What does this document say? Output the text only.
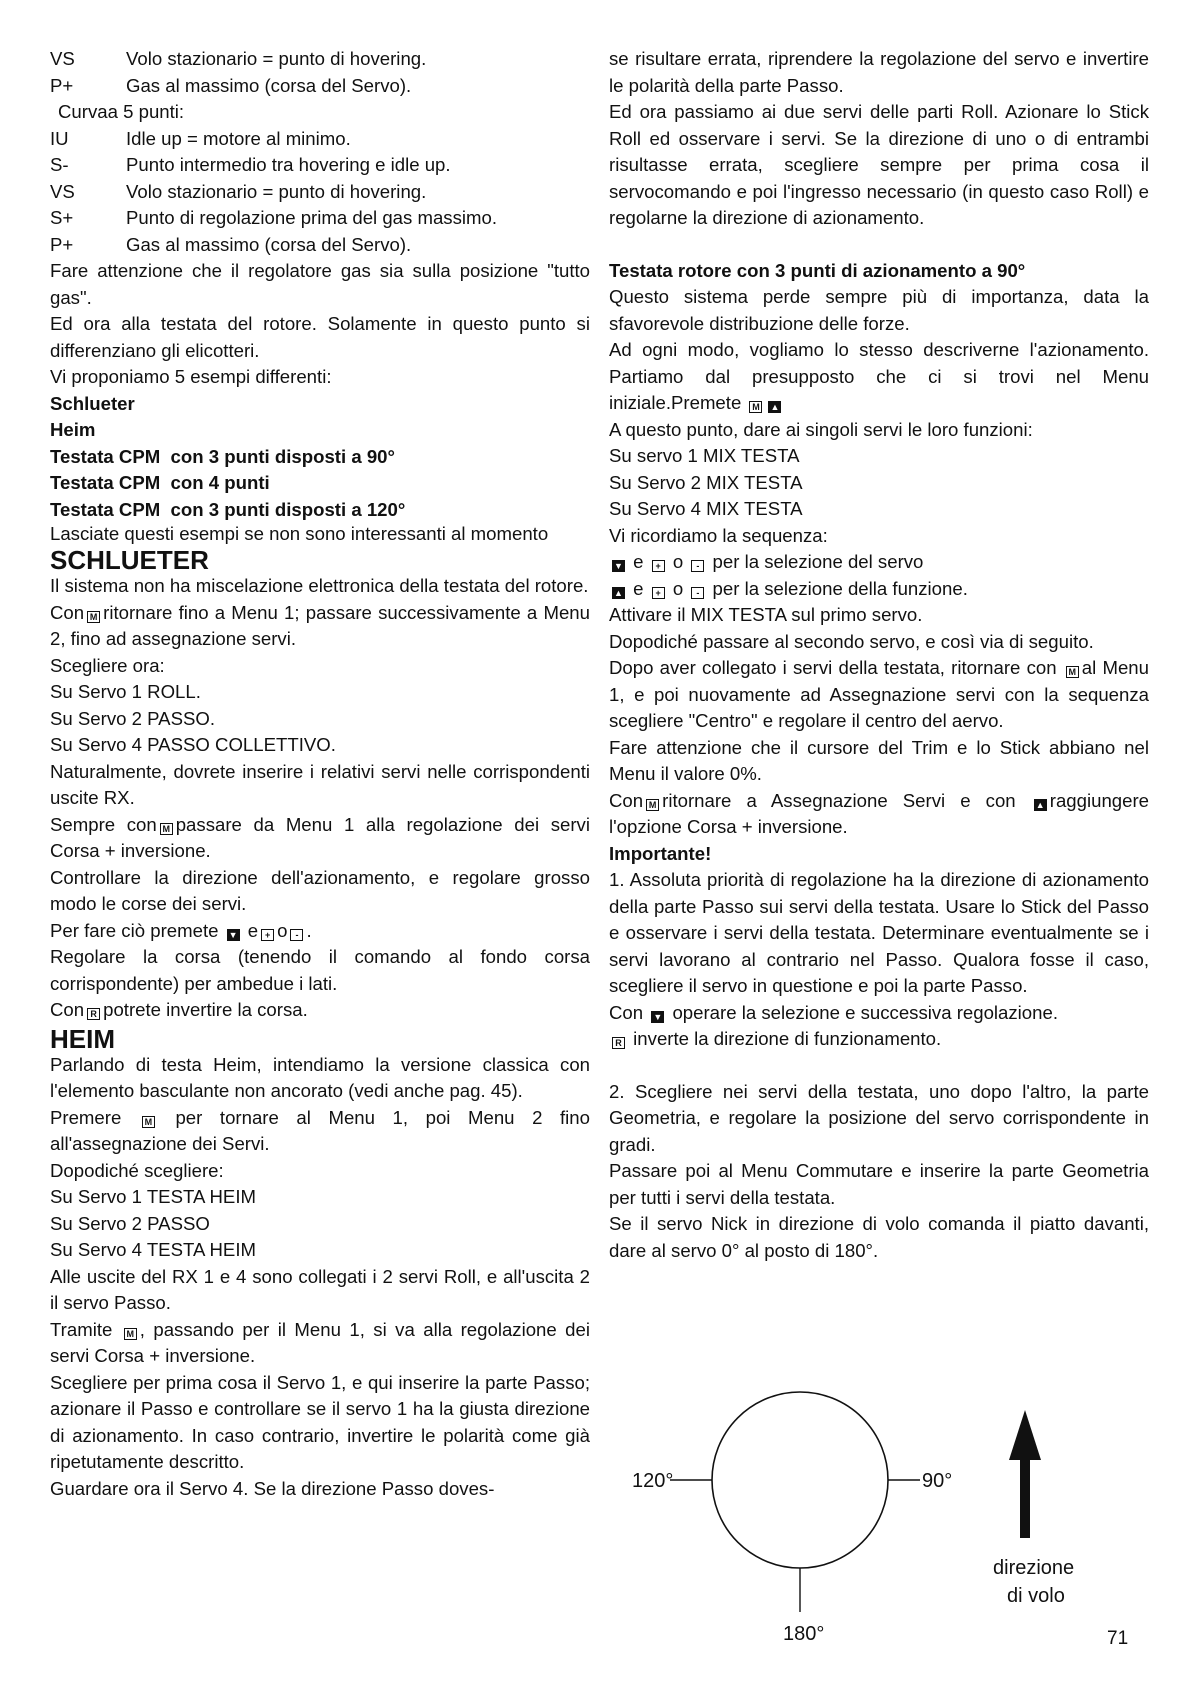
VS	Volo stazionario = punto di hovering.
P+	Gas al massimo (corsa del Servo).
Curvaa 5 punti:
IU	Idle up = motore al minimo.
S-	Punto intermedio tra hovering e idle up.
VS	Volo stazionario = punto di hovering.
S+	Punto di regolazione prima del gas massimo.
P+	Gas al massimo (corsa del Servo).
Fare attenzione che il regolatore gas sia sulla posizione "tutto gas".
Ed ora alla testata del rotore. Solamente in questo punto si differenziano gli elicotteri.
Vi proponiamo 5 esempi differenti:
Schlueter
Heim
Testata CPM  con 3 punti disposti a 90°
Testata CPM  con 4 punti
Testata CPM  con 3 punti disposti a 120°
Lasciate questi esempi se non sono interessanti al momento
SCHLUETER
Il sistema non ha miscelazione elettronica della testata del rotore.
Con M ritornare fino a Menu 1; passare successivamente a Menu 2, fino ad assegnazione servi.
Scegliere ora:
Su Servo 1 ROLL.
Su Servo 2 PASSO.
Su Servo 4 PASSO COLLETTIVO.
Naturalmente, dovrete inserire i relativi servi nelle corrispondenti uscite RX.
Sempre con M passare da Menu 1 alla regolazione dei servi Corsa + inversione.
Controllare la direzione dell'azionamento, e regolare grosso modo le corse dei servi.
Per fare ciò premete ▼ e + o - .
Regolare la corsa (tenendo il comando al fondo corsa corrispondente) per ambedue i lati.
Con R potrete invertire la corsa.
HEIM
Parlando di testa Heim, intendiamo la versione classica con l'elemento basculante non ancorato (vedi anche pag. 45).
Premere	M per tornare al Menu 1, poi Menu 2 fino all'assegnazione dei Servi.
Dopodiché scegliere:
Su Servo 1 TESTA HEIM
Su Servo 2 PASSO
Su Servo 4 TESTA HEIM
Alle uscite del RX 1 e 4 sono collegati i 2 servi Roll, e all'uscita 2 il servo Passo.
Tramite M , passando per il Menu 1, si va alla regolazione dei servi Corsa + inversione.
Scegliere per prima cosa il Servo 1, e qui inserire la parte Passo; azionare il Passo e controllare se il servo 1 ha la giusta direzione di azionamento. In caso contrario, invertire le polarità come già ripetutamente descritto.
Guardare ora il Servo 4. Se la direzione Passo doves-
se risultare errata, riprendere la regolazione del servo e invertire le polarità della parte Passo.
Ed ora passiamo ai due servi delle parti Roll. Azionare lo Stick Roll ed osservare i servi. Se la direzione di uno o di entrambi risultasse errata, scegliere sempre per prima cosa il servocomando e poi l'ingresso necessario (in questo caso Roll) e regolarne la direzione di azionamento.
Testata rotore con 3 punti di azionamento a 90°
Questo sistema perde sempre più di importanza, data la sfavorevole distribuzione delle forze.
Ad ogni modo, vogliamo lo stesso descriverne l'azionamento. Partiamo dal presupposto che ci si trovi nel Menu iniziale.Premete M ▲
A questo punto, dare ai singoli servi le loro funzioni:
Su servo 1 MIX TESTA
Su Servo 2 MIX TESTA
Su Servo 4 MIX TESTA
Vi ricordiamo la sequenza:
▼ e + o - per la selezione del servo
▲ e + o - per la selezione della funzione.
Attivare il MIX TESTA sul primo servo.
Dopodiché passare al secondo servo, e così via di seguito.
Dopo aver collegato i servi della testata, ritornare con M al Menu 1, e poi nuovamente ad Assegnazione servi con la sequenza scegliere "Centro" e regolare il centro del aervo.
Fare attenzione che il cursore del Trim e lo Stick abbiano nel Menu il valore 0%.
Con M ritornare a Assegnazione Servi e con ▲ raggiungere l'opzione Corsa + inversione.
Importante!
1. Assoluta priorità di regolazione ha la direzione di azionamento della parte Passo sui servi della testata. Usare lo Stick del Passo e osservare i servi della testata. Determinare eventualmente se i servi lavorano al contrario nel Passo. Qualora fosse il caso, scegliere il servo in questione e poi la parte Passo.
Con ▼ operare la selezione e successiva regolazione.
R inverte la direzione di funzionamento.
2. Scegliere nei servi della testata, uno dopo l'altro, la parte Geometria, e regolare la posizione del servo corrispondente in gradi.
Passare poi al Menu Commutare e inserire la parte Geometria per tutti i servi della testata.
Se il servo Nick in direzione di volo comanda il piatto davanti, dare al servo 0° al posto di 180°.
120°	90°
180°
direzione
di volo
71
